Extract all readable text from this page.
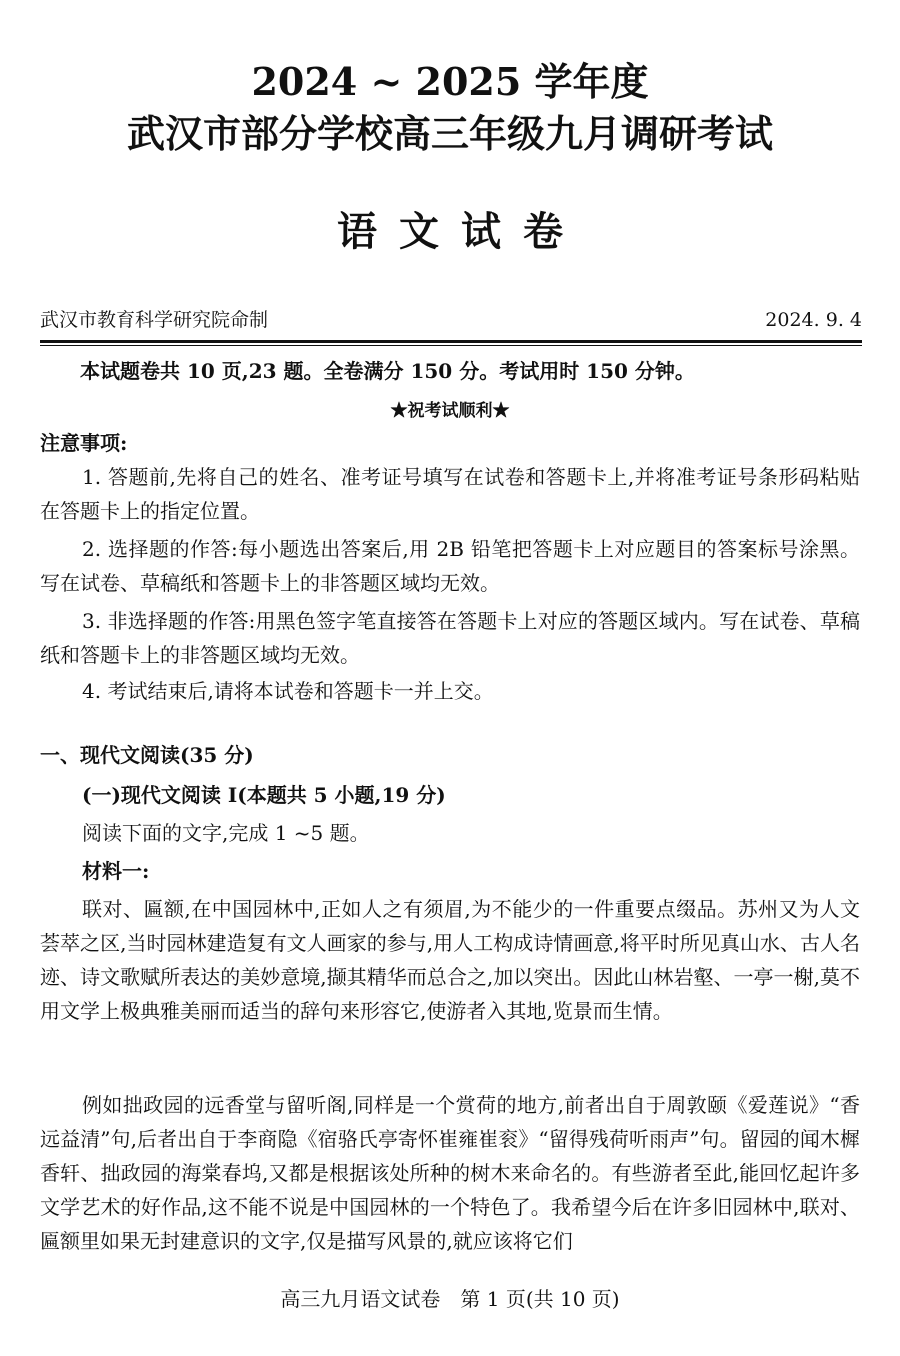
2024 ~ 2025 学年度
武汉市部分学校高三年级九月调研考试
语文试卷
武汉市教育科学研究院命制	2024. 9. 4
本试题卷共 10 页,23 题。全卷满分 150 分。考试用时 150 分钟。
★祝考试顺利★
注意事项:
1. 答题前,先将自己的姓名、准考证号填写在试卷和答题卡上,并将准考证号条形码粘贴在答题卡上的指定位置。
2. 选择题的作答:每小题选出答案后,用 2B 铅笔把答题卡上对应题目的答案标号涂黑。写在试卷、草稿纸和答题卡上的非答题区域均无效。
3. 非选择题的作答:用黑色签字笔直接答在答题卡上对应的答题区域内。写在试卷、草稿纸和答题卡上的非答题区域均无效。
4. 考试结束后,请将本试卷和答题卡一并上交。
一、现代文阅读(35 分)
(一)现代文阅读 I(本题共 5 小题,19 分)
阅读下面的文字,完成 1 ~5 题。
材料一:
联对、匾额,在中国园林中,正如人之有须眉,为不能少的一件重要点缀品。苏州又为人文荟萃之区,当时园林建造复有文人画家的参与,用人工构成诗情画意,将平时所见真山水、古人名迹、诗文歌赋所表达的美妙意境,撷其精华而总合之,加以突出。因此山林岩壑、一亭一榭,莫不用文学上极典雅美丽而适当的辞句来形容它,使游者入其地,览景而生情。
例如拙政园的远香堂与留听阁,同样是一个赏荷的地方,前者出自于周敦颐《爱莲说》“香远益清”句,后者出自于李商隐《宿骆氏亭寄怀崔雍崔衮》“留得残荷听雨声”句。留园的闻木樨香轩、拙政园的海棠春坞,又都是根据该处所种的树木来命名的。有些游者至此,能回忆起许多文学艺术的好作品,这不能不说是中国园林的一个特色了。我希望今后在许多旧园林中,联对、匾额里如果无封建意识的文字,仅是描写风景的,就应该将它们
高三九月语文试卷　第 1 页(共 10 页)
